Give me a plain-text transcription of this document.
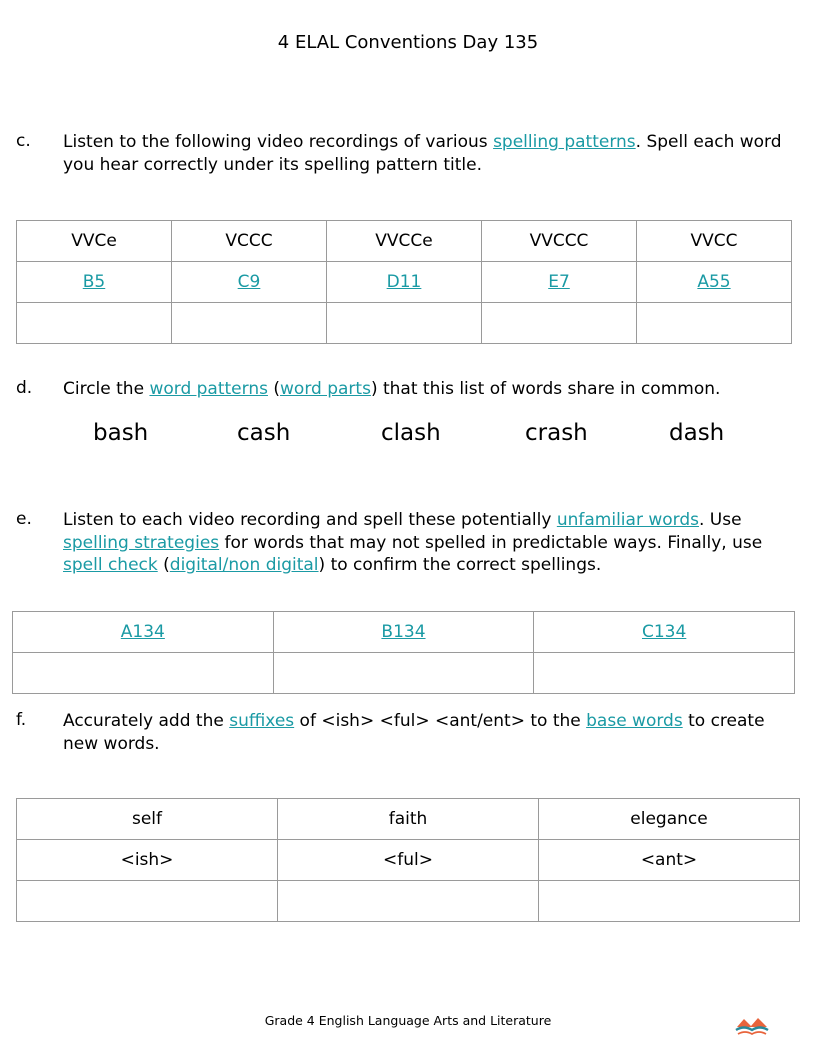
4 ELAL Conventions Day 135
c. Listen to the following video recordings of various spelling patterns. Spell each word you hear correctly under its spelling pattern title.
VVCe	VCCC	VVCCe	VVCCC	VVCC
B5	C9	D11	E7	A55

d. Circle the word patterns (word parts) that this list of words share in common.
bash	cash	clash	crash	dash
e. Listen to each video recording and spell these potentially unfamiliar words. Use spelling strategies for words that may not spelled in predictable ways. Finally, use spell check (digital/non digital) to confirm the correct spellings.
A134	B134	C134

f. Accurately add the suffixes of <ish> <ful> <ant/ent> to the base words to create new words.
self	faith	elegance
<ish>	<ful>	<ant>

Grade 4 English Language Arts and Literature
